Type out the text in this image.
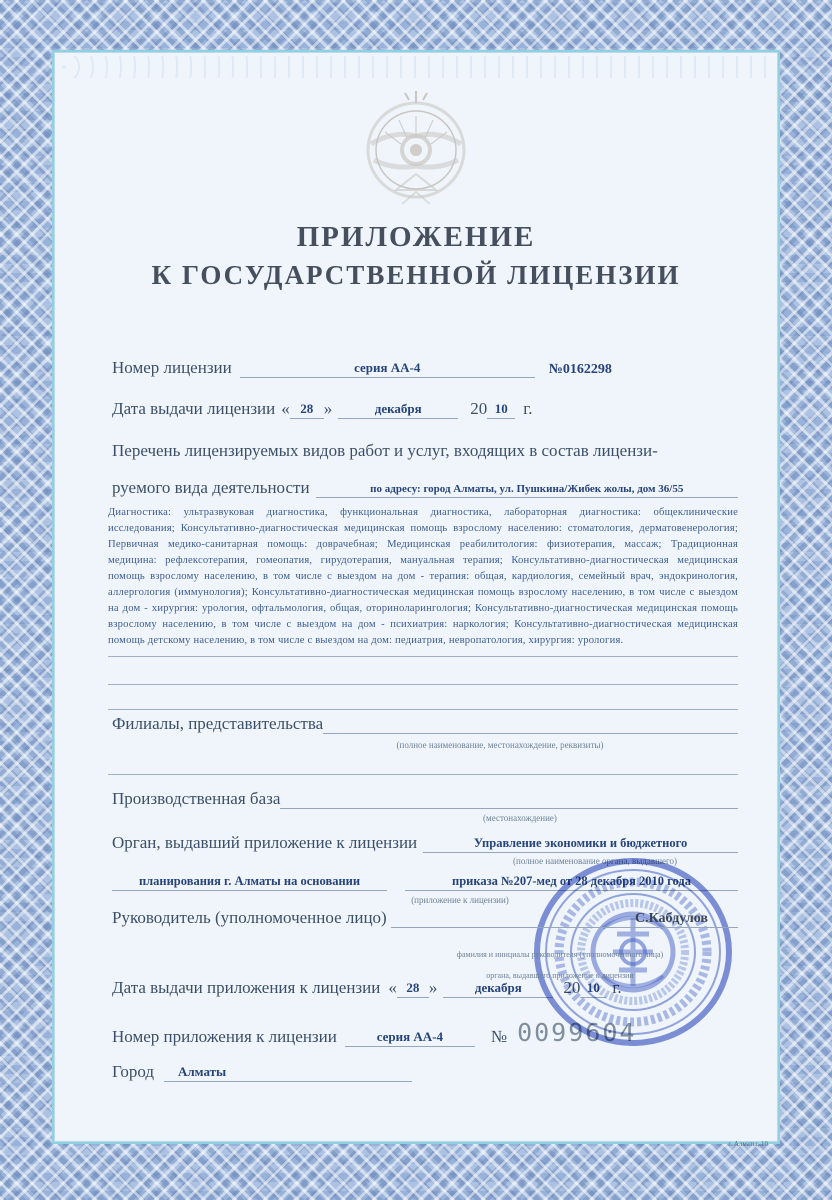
ПРИЛОЖЕНИЕ
К ГОСУДАРСТВЕННОЙ ЛИЦЕНЗИИ
Номер лицензии	серия АА-4	№0162298
Дата выдачи лицензии « 28 »	декабря	20 10 г.
Перечень лицензируемых видов работ и услуг, входящих в состав лицензи-
руемого вида деятельности	по адресу: город Алматы, ул. Пушкина/Жибек жолы, дом 36/55
Диагностика: ультразвуковая диагностика, функциональная диагностика, лабораторная диагностика: общеклинические исследования; Консультативно-диагностическая медицинская помощь взрослому населению: стоматология, дерматовенерология; Первичная медико-санитарная помощь: доврачебная; Медицинская реабилитология: физиотерапия, массаж; Традиционная медицина: рефлексотерапия, гомеопатия, гирудотерапия, мануальная терапия; Консультативно-диагностическая медицинская помощь взрослому населению, в том числе с выездом на дом - терапия: общая, кардиология, семейный врач, эндокринология, аллергология (иммунология); Консультативно-диагностическая медицинская помощь взрослому населению, в том числе с выездом на дом - хирургия: урология, офтальмология, общая, оториноларингология; Консультативно-диагностическая медицинская помощь взрослому населению, в том числе с выездом на дом - психиатрия: наркология; Консультативно-диагностическая медицинская помощь детскому населению, в том числе с выездом на дом: педиатрия, невропатология, хирургия: урология.
Филиалы, представительства
(полное наименование, местонахождение, реквизиты)
Производственная база
(местонахождение)
Орган, выдавший приложение к лицензии	Управление экономики и бюджетного
(полное наименование органа, выдавшего)
планирования г. Алматы на основании	приказа №207-мед от 28 декабря 2010 года
(приложение к лицензии)
Руководитель (уполномоченное лицо)	С.Кабдулов
фамилия и инициалы руководителя (уполномоченного лица)
органа, выдавшего приложение к лицензии
Дата выдачи приложения к лицензии « 28 »	декабря	20 10 г.
Номер приложения к лицензии	серия АА-4	№ 0099604
Город	Алматы
г. Алматы, 10
